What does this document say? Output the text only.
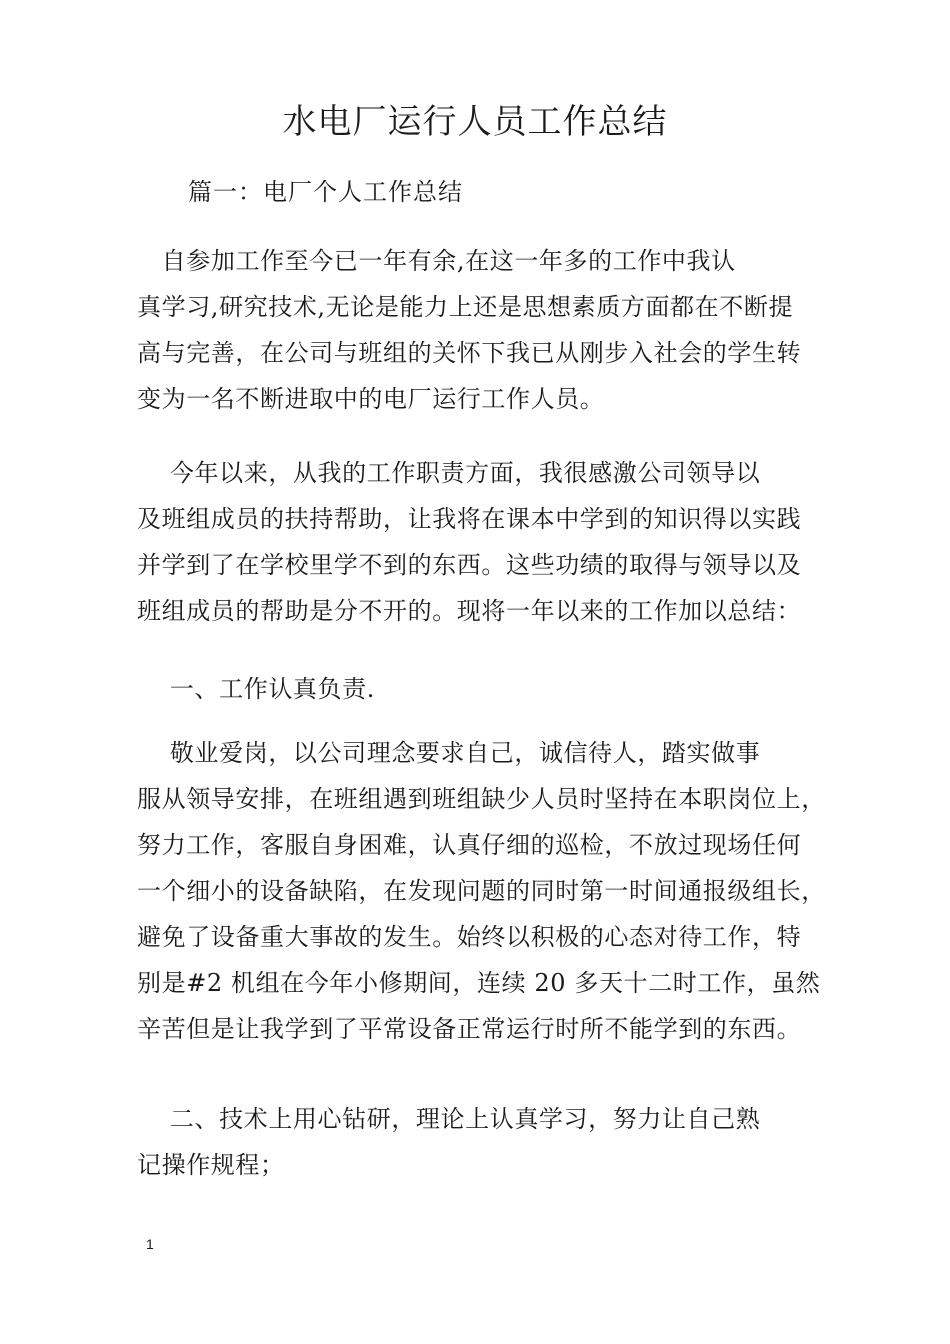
水电厂运行人员工作总结
篇一：电厂个人工作总结
自参加工作至今已一年有余,在这一年多的工作中我认
真学习,研究技术,无论是能力上还是思想素质方面都在不断提
高与完善，在公司与班组的关怀下我已从刚步入社会的学生转
变为一名不断进取中的电厂运行工作人员。
今年以来，从我的工作职责方面，我很感激公司领导以
及班组成员的扶持帮助，让我将在课本中学到的知识得以实践
并学到了在学校里学不到的东西。这些功绩的取得与领导以及
班组成员的帮助是分不开的。现将一年以来的工作加以总结：
一、工作认真负责.
敬业爱岗，以公司理念要求自己，诚信待人，踏实做事
服从领导安排，在班组遇到班组缺少人员时坚持在本职岗位上，
努力工作，客服自身困难，认真仔细的巡检，不放过现场任何
一个细小的设备缺陷，在发现问题的同时第一时间通报级组长，
避免了设备重大事故的发生。始终以积极的心态对待工作，特
别是#2 机组在今年小修期间，连续 20 多天十二时工作，虽然
辛苦但是让我学到了平常设备正常运行时所不能学到的东西。
二、技术上用心钻研，理论上认真学习，努力让自己熟
记操作规程；
1
